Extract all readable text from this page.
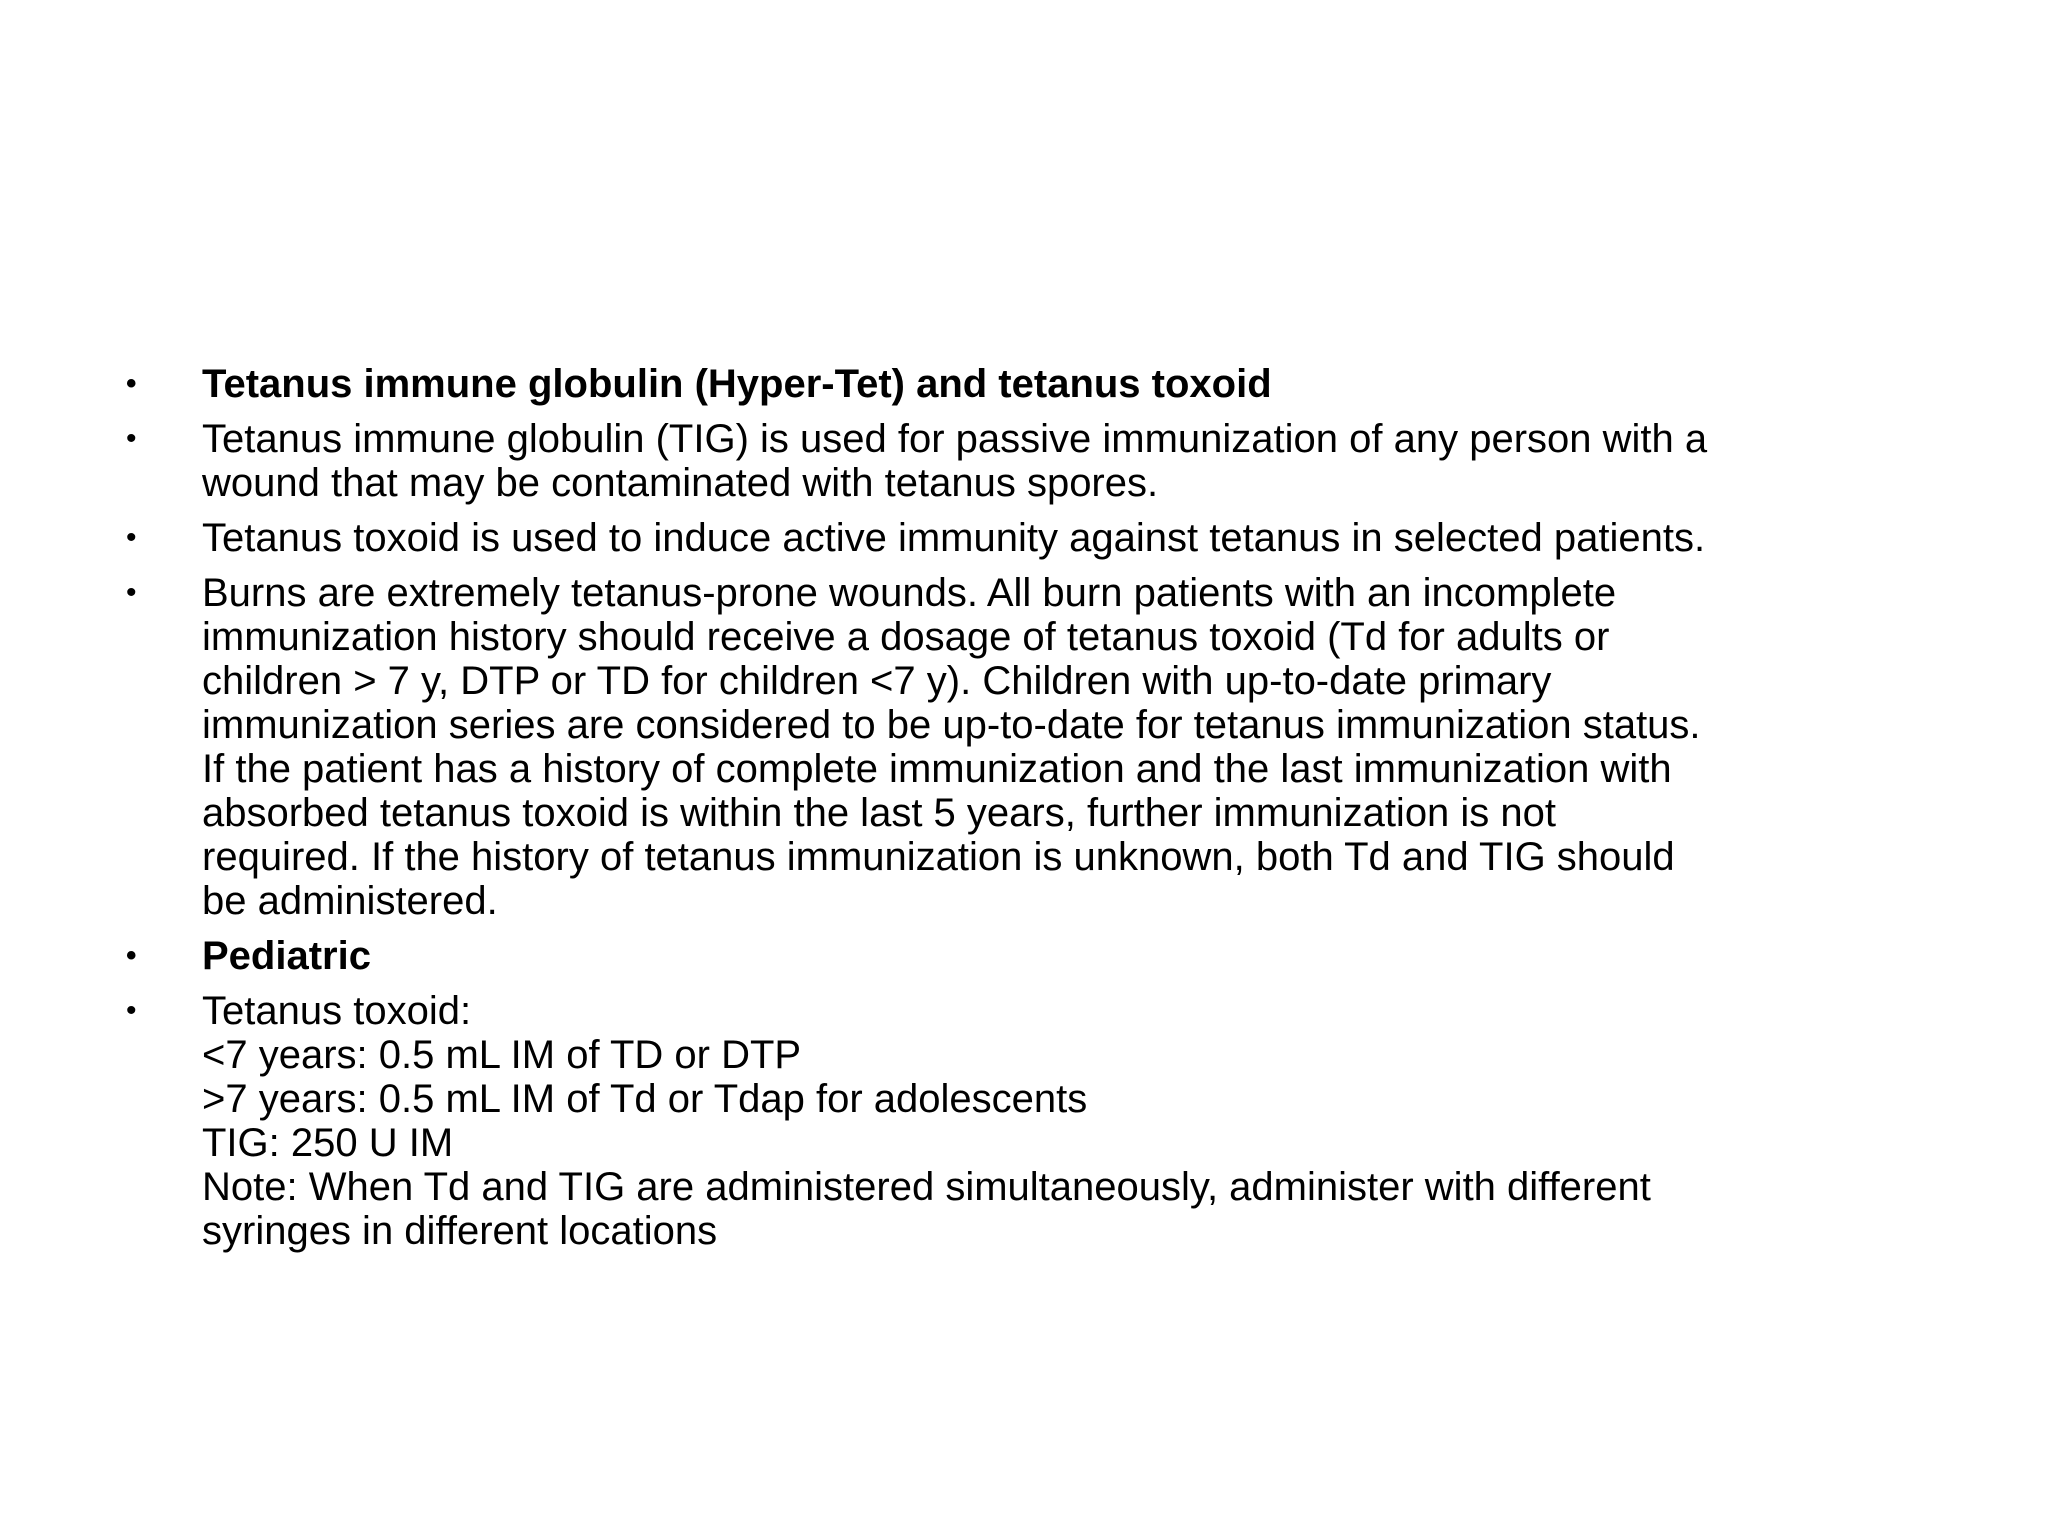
•	Tetanus immune globulin (Hyper-Tet) and tetanus toxoid
•	Tetanus immune globulin (TIG) is used for passive immunization of any person with a
wound that may be contaminated with tetanus spores.
•	Tetanus toxoid is used to induce active immunity against tetanus in selected patients.
•	Burns are extremely tetanus-prone wounds. All burn patients with an incomplete
immunization history should receive a dosage of tetanus toxoid (Td for adults or
children > 7 y, DTP or TD for children <7 y). Children with up-to-date primary
immunization series are considered to be up-to-date for tetanus immunization status.
If the patient has a history of complete immunization and the last immunization with
absorbed tetanus toxoid is within the last 5 years, further immunization is not
required. If the history of tetanus immunization is unknown, both Td and TIG should
be administered.
•	Pediatric
•	Tetanus toxoid:
<7 years: 0.5 mL IM of TD or DTP
>7 years: 0.5 mL IM of Td or Tdap for adolescents
TIG: 250 U IM
Note: When Td and TIG are administered simultaneously, administer with different
syringes in different locations
